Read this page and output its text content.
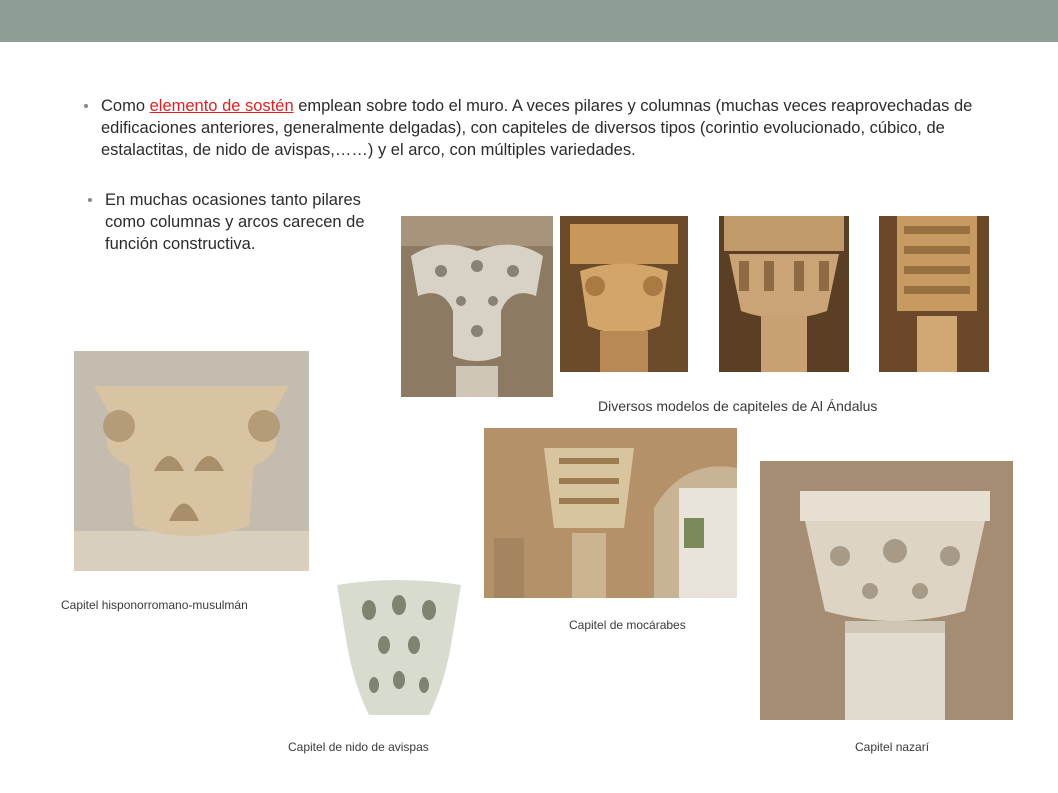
Como elemento de sostén emplean sobre todo el muro. A veces pilares y columnas (muchas veces reaprovechadas de edificaciones anteriores, generalmente delgadas), con capiteles de diversos tipos (corintio evolucionado, cúbico, de estalactitas, de nido de avispas,……) y el arco, con múltiples variedades.
En muchas ocasiones tanto pilares como columnas y arcos carecen de función constructiva.
Diversos modelos de capiteles de Al Ándalus
Capitel hisponorromano-musulmán
Capitel de nido de avispas
Capitel de mocárabes
Capitel nazarí
